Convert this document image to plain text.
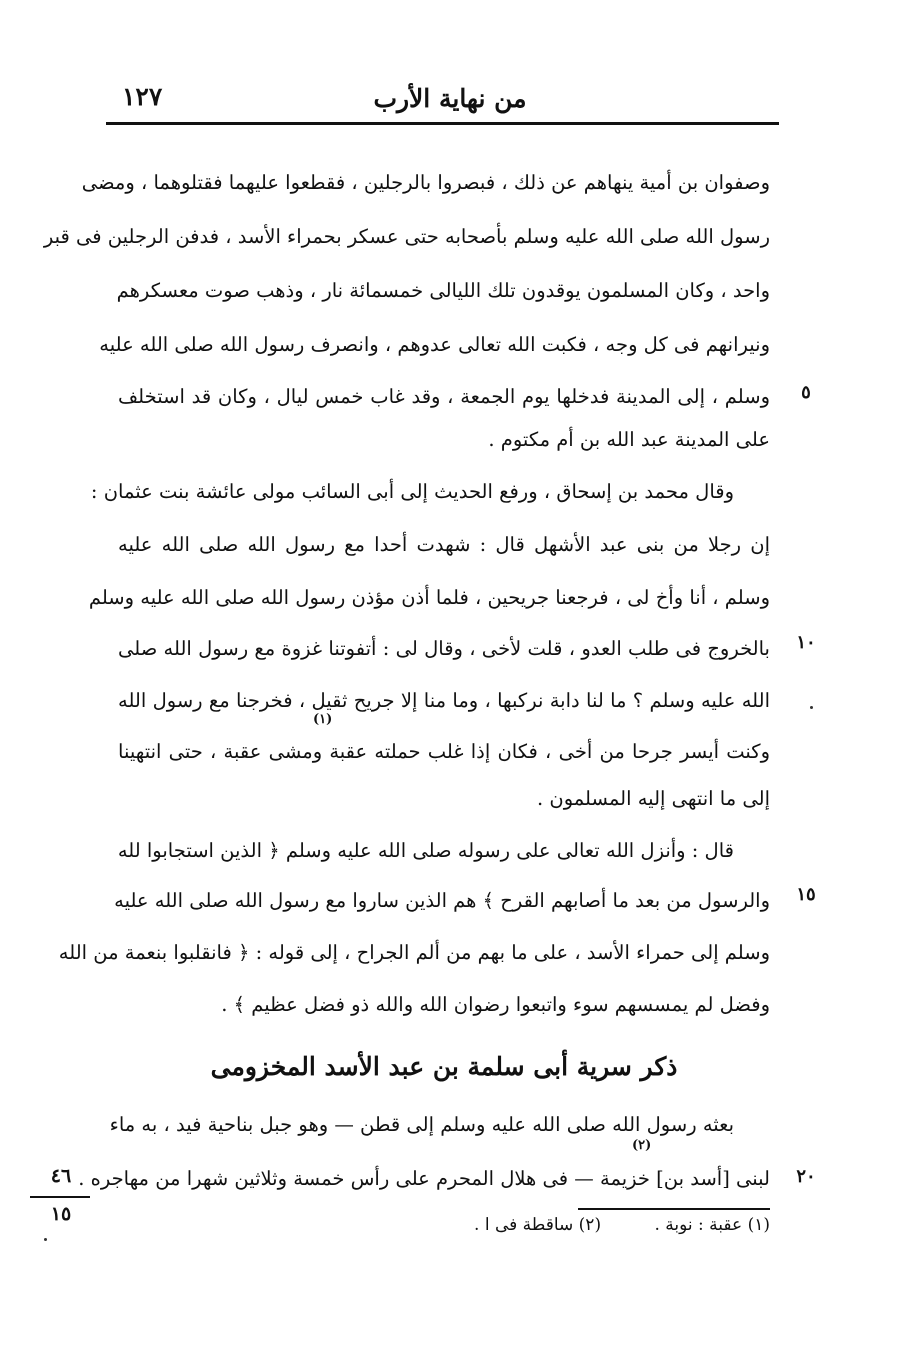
من نهاية الأرب
١٢٧
وصفوان بن أمية ينهاهم عن ذلك ، فبصروا بالرجلين ، فقطعوا عليهما فقتلوهما ، ومضى
رسول الله صلى الله عليه وسلم بأصحابه حتى عسكر بحمراء الأسد ، فدفن الرجلين فى قبر
واحد ، وكان المسلمون يوقدون تلك الليالى خمسمائة نار ، وذهب صوت معسكرهم
ونيرانهم فى كل وجه ، فكبت الله تعالى عدوهم ، وانصرف رسول الله صلى الله عليه
وسلم ، إلى المدينة فدخلها يوم الجمعة ، وقد غاب خمس ليال ، وكان قد استخلف
على المدينة عبد الله بن أم مكتوم .
وقال محمد بن إسحاق ، ورفع الحديث إلى أبى السائب مولى عائشة بنت عثمان :
إن رجلا من بنى عبد الأشهل قال : شهدت أحدا مع رسول الله صلى الله عليه
وسلم ، أنا وأخ لى ، فرجعنا جريحين ، فلما أذن مؤذن رسول الله صلى الله عليه وسلم
بالخروج فى طلب العدو ، قلت لأخى ، وقال لى : أتفوتنا غزوة مع رسول الله صلى
الله عليه وسلم ؟ ما لنا دابة نركبها ، وما منا إلا جريح ثقيل ، فخرجنا مع رسول الله
وكنت أيسر جرحا من أخى ، فكان إذا غلب حملته عقبة ومشى عقبة ، حتى انتهينا
إلى ما انتهى إليه المسلمون .
قال : وأنزل الله تعالى على رسوله صلى الله عليه وسلم ﴿ الذين استجابوا لله
والرسول من بعد ما أصابهم القرح ﴾ هم الذين ساروا مع رسول الله صلى الله عليه
وسلم إلى حمراء الأسد ، على ما بهم من ألم الجراح ، إلى قوله : ﴿ فانقلبوا بنعمة من الله
وفضل لم يمسسهم سوء واتبعوا رضوان الله والله ذو فضل عظيم ﴾ .
(١)
ذكر سرية أبى سلمة بن عبد الأسد المخزومى
بعثه رسول الله صلى الله عليه وسلم إلى قطن — وهو جبل بناحية فيد ، به ماء
لبنى [أسد بن] خزيمة — فى هلال المحرم على رأس خمسة وثلاثين شهرا من مهاجره .
(٢)
٥
١٠
١٥
٢٠
(١) عقبة : نوبة . (٢) ساقطة فى ا .
٤٦
١٥
